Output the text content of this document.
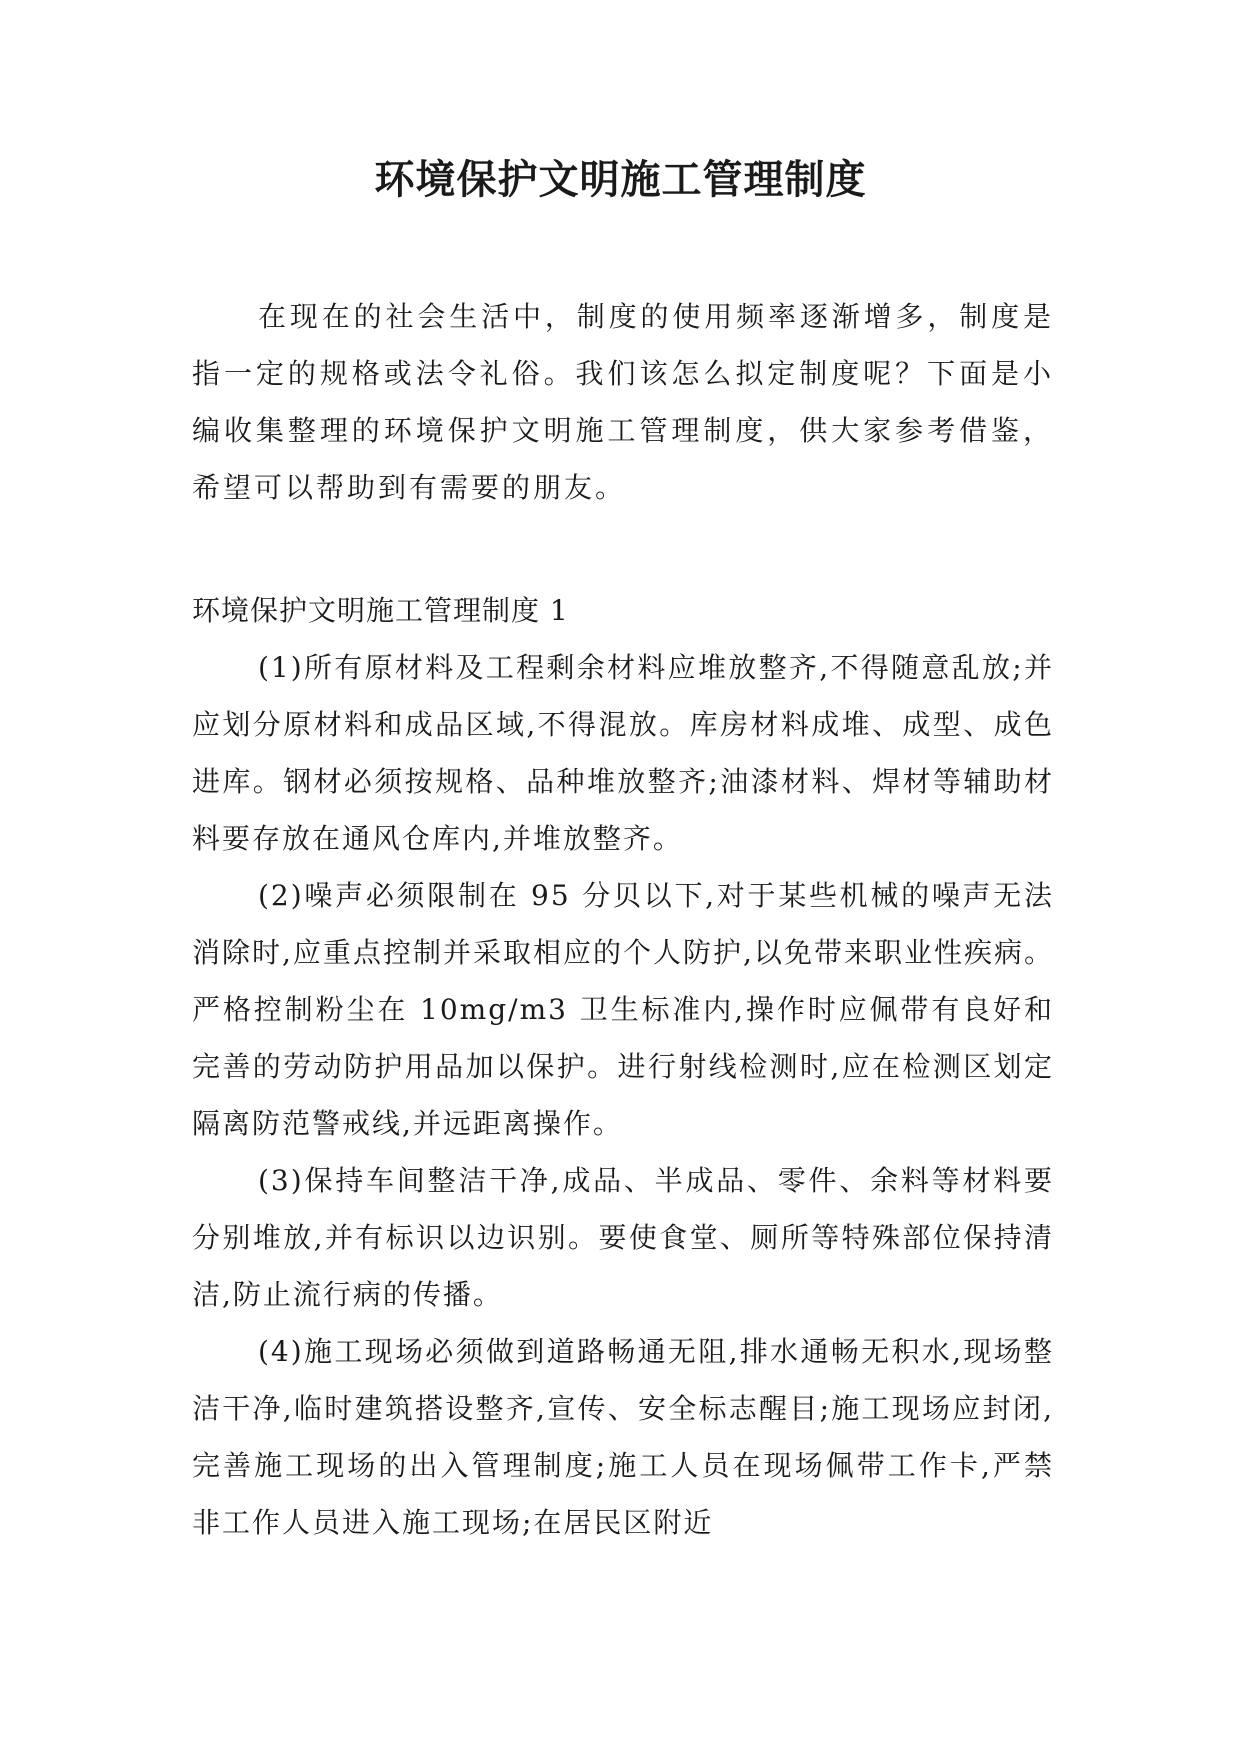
环境保护文明施工管理制度

在现在的社会生活中，制度的使用频率逐渐增多，制度是指一定的规格或法令礼俗。我们该怎么拟定制度呢？下面是小编收集整理的环境保护文明施工管理制度，供大家参考借鉴，希望可以帮助到有需要的朋友。

环境保护文明施工管理制度 1

(1)所有原材料及工程剩余材料应堆放整齐,不得随意乱放;并应划分原材料和成品区域,不得混放。库房材料成堆、成型、成色进库。钢材必须按规格、品种堆放整齐;油漆材料、焊材等辅助材料要存放在通风仓库内,并堆放整齐。

(2)噪声必须限制在 95 分贝以下,对于某些机械的噪声无法消除时,应重点控制并采取相应的个人防护,以免带来职业性疾病。严格控制粉尘在 10mg/m3 卫生标准内,操作时应佩带有良好和完善的劳动防护用品加以保护。进行射线检测时,应在检测区划定隔离防范警戒线,并远距离操作。

(3)保持车间整洁干净,成品、半成品、零件、余料等材料要分别堆放,并有标识以边识别。要使食堂、厕所等特殊部位保持清洁,防止流行病的传播。

(4)施工现场必须做到道路畅通无阻,排水通畅无积水,现场整洁干净,临时建筑搭设整齐,宣传、安全标志醒目;施工现场应封闭,完善施工现场的出入管理制度;施工人员在现场佩带工作卡,严禁非工作人员进入施工现场;在居民区附近
